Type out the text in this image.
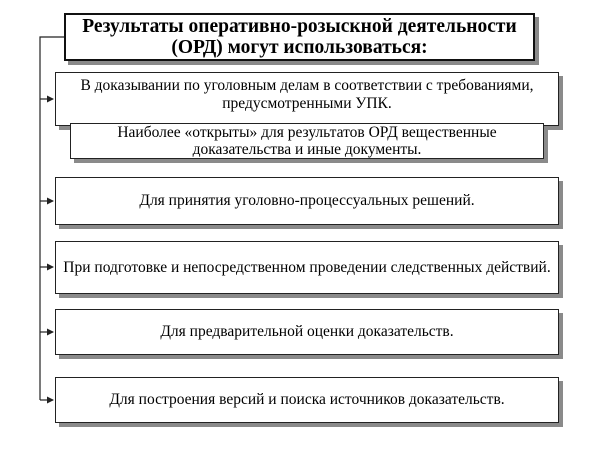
Результаты оперативно-розыскной деятельности (ОРД) могут использоваться:
В доказывании по уголовным делам в соответствии с требованиями, предусмотренными УПК.
Наиболее «открыты» для результатов ОРД вещественные доказательства и иные документы.
Для принятия уголовно-процессуальных решений.
При подготовке и непосредственном проведении следственных действий.
Для предварительной оценки доказательств.
Для построения версий и поиска источников доказательств.
